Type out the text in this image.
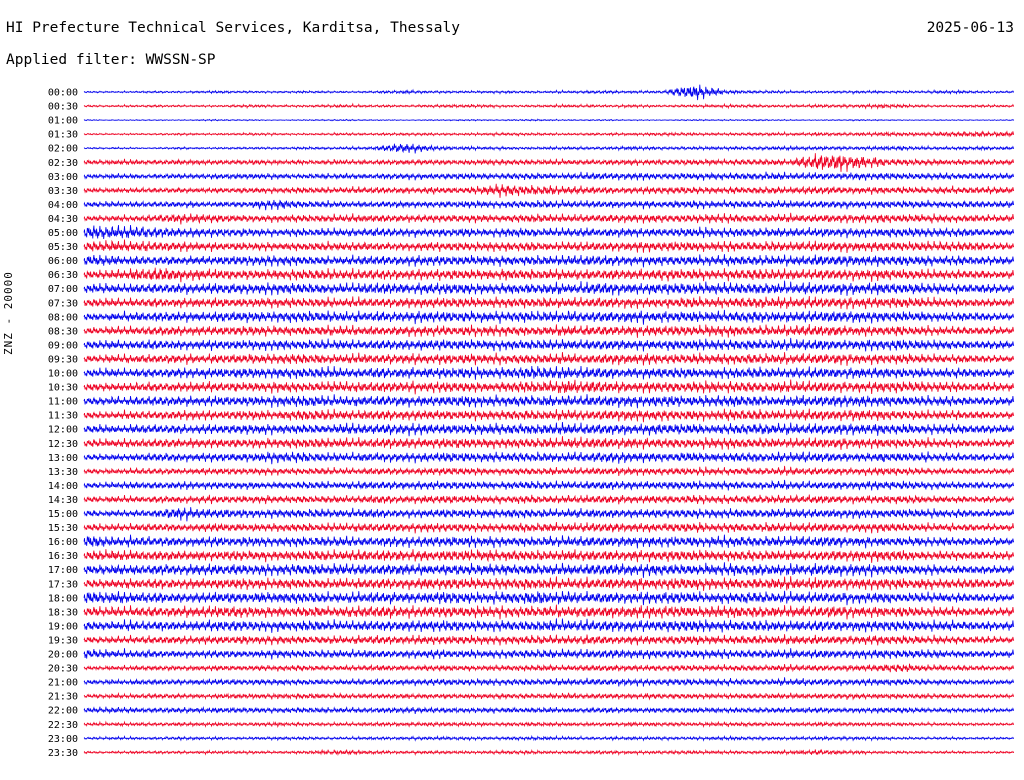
HI Prefecture Technical Services, Karditsa, Thessaly	2025-06-13
Applied filter: WWSSN-SP
ZNZ - 20000
00:00
00:30
01:00
01:30
02:00
02:30
03:00
03:30
04:00
04:30
05:00
05:30
06:00
06:30
07:00
07:30
08:00
08:30
09:00
09:30
10:00
10:30
11:00
11:30
12:00
12:30
13:00
13:30
14:00
14:30
15:00
15:30
16:00
16:30
17:00
17:30
18:00
18:30
19:00
19:30
20:00
20:30
21:00
21:30
22:00
22:30
23:00
23:30
